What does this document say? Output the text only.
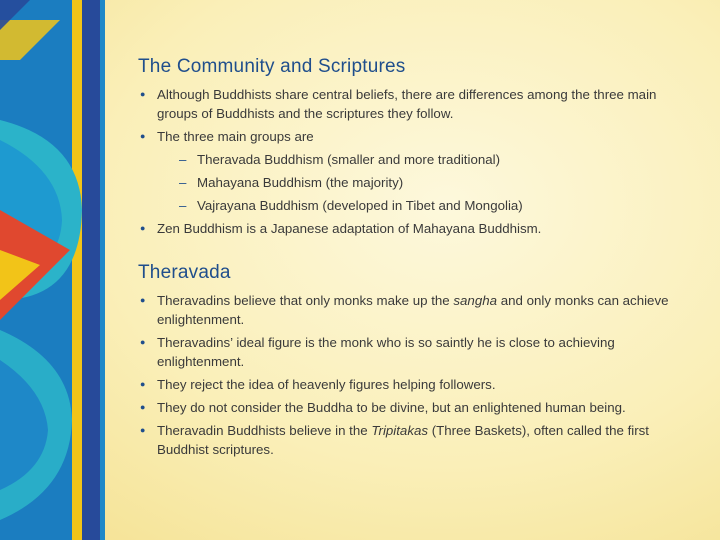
The Community and Scriptures
● Although Buddhists share central beliefs, there are differences among the three main groups of Buddhists and the scriptures they follow.
● The three main groups are
– Theravada Buddhism (smaller and more traditional)
– Mahayana Buddhism (the majority)
– Vajrayana Buddhism (developed in Tibet and Mongolia)
● Zen Buddhism is a Japanese adaptation of Mahayana Buddhism.
Theravada
● Theravadins believe that only monks make up the sangha and only monks can achieve enlightenment.
● Theravadins’ ideal figure is the monk who is so saintly he is close to achieving enlightenment.
● They reject the idea of heavenly figures helping followers.
● They do not consider the Buddha to be divine, but an enlightened human being.
● Theravadin Buddhists believe in the Tripitakas (Three Baskets), often called the first Buddhist scriptures.
